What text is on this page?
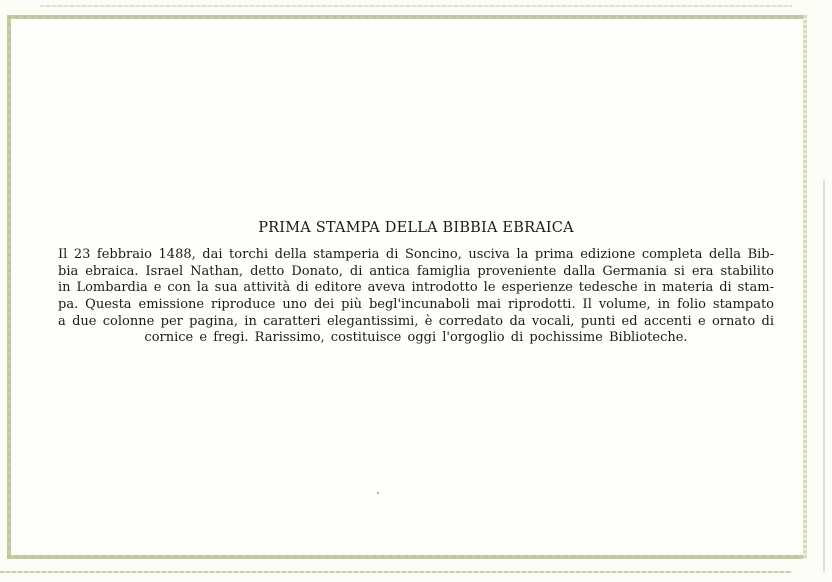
PRIMA STAMPA DELLA BIBBIA EBRAICA
Il 23 febbraio 1488, dai torchi della stamperia di Soncino, usciva la prima edizione completa della Bib-
bia ebraica. Israel Nathan, detto Donato, di antica famiglia proveniente dalla Germania si era stabilito
in Lombardia e con la sua attività di editore aveva introdotto le esperienze tedesche in materia di stam-
pa. Questa emissione riproduce uno dei più begl'incunaboli mai riprodotti. Il volume, in folio stampato
a due colonne per pagina, in caratteri elegantissimi, è corredato da vocali, punti ed accenti e ornato di
cornice e fregi. Rarissimo, costituisce oggi l'orgoglio di pochissime Biblioteche.
